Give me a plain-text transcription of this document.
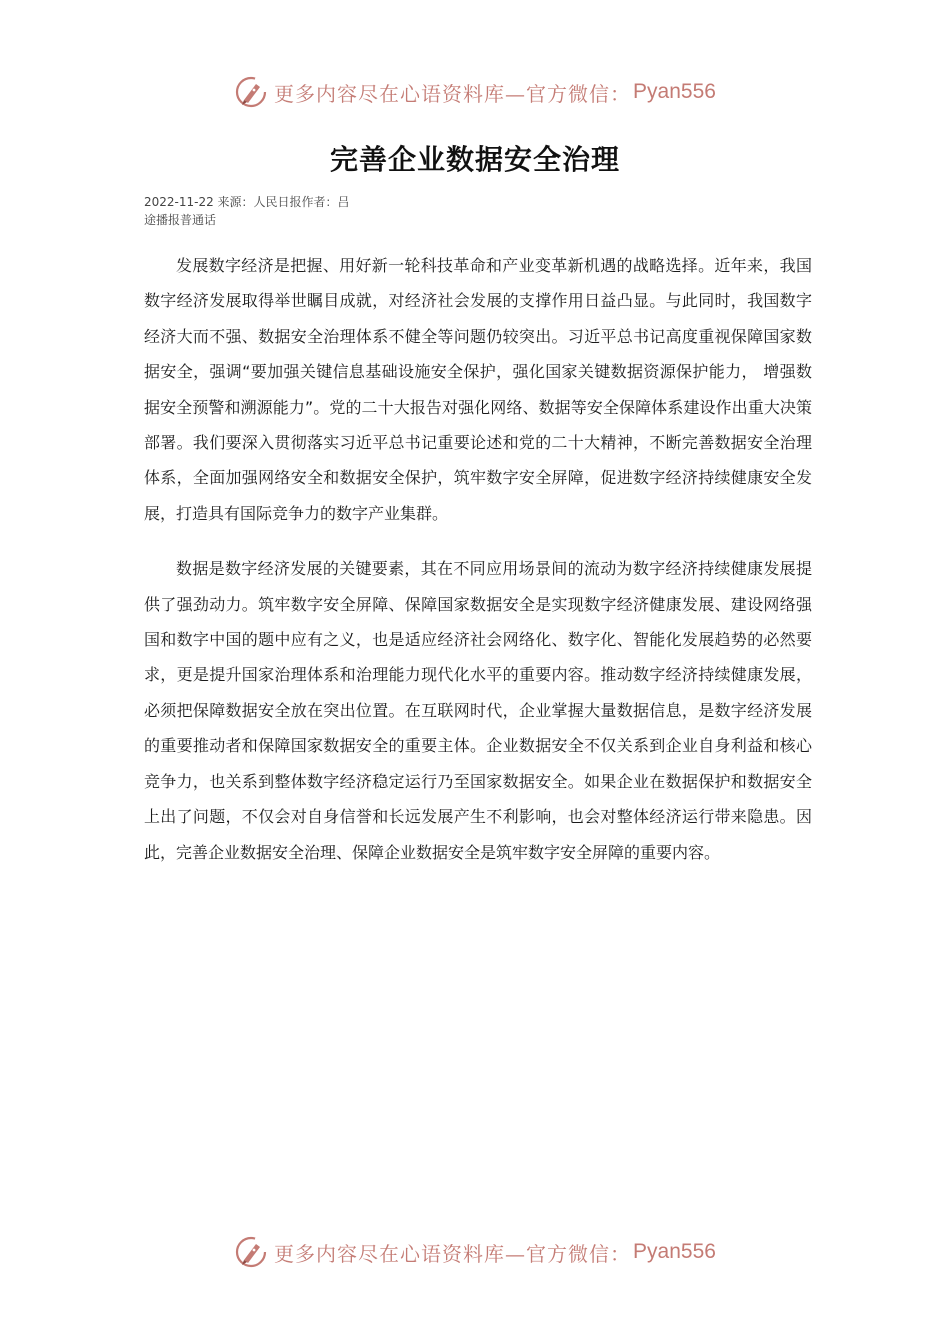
更多内容尽在心语资料库—官方微信： Pyan556
完善企业数据安全治理
2022-11-22 来源：人民日报作者：吕
途播报普通话

发展数字经济是把握、用好新一轮科技革命和产业变革新机遇的战略选择。近年来，我国数字经济发展取得举世瞩目成就，对经济社会发展的支撑作用日益凸显。与此同时，我国数字经济大而不强、数据安全治理体系不健全等问题仍较突出。习近平总书记高度重视保障国家数据安全，强调“要加强关键信息基础设施安全保护，强化国家关键数据资源保护能力， 增强数据安全预警和溯源能力”。党的二十大报告对强化网络、数据等安全保障体系建设作出重大决策部署。我们要深入贯彻落实习近平总书记重要论述和党的二十大精神，不断完善数据安全治理体系，全面加强网络安全和数据安全保护，筑牢数字安全屏障，促进数字经济持续健康安全发展，打造具有国际竞争力的数字产业集群。

数据是数字经济发展的关键要素，其在不同应用场景间的流动为数字经济持续健康发展提供了强劲动力。筑牢数字安全屏障、保障国家数据安全是实现数字经济健康发展、建设网络强国和数字中国的题中应有之义，也是适应经济社会网络化、数字化、智能化发展趋势的必然要求，更是提升国家治理体系和治理能力现代化水平的重要内容。推动数字经济持续健康发展，必须把保障数据安全放在突出位置。在互联网时代，企业掌握大量数据信息，是数字经济发展的重要推动者和保障国家数据安全的重要主体。企业数据安全不仅关系到企业自身利益和核心竞争力，也关系到整体数字经济稳定运行乃至国家数据安全。如果企业在数据保护和数据安全上出了问题，不仅会对自身信誉和长远发展产生不利影响，也会对整体经济运行带来隐患。因此，完善企业数据安全治理、保障企业数据安全是筑牢数字安全屏障的重要内容。

更多内容尽在心语资料库—官方微信： Pyan556
